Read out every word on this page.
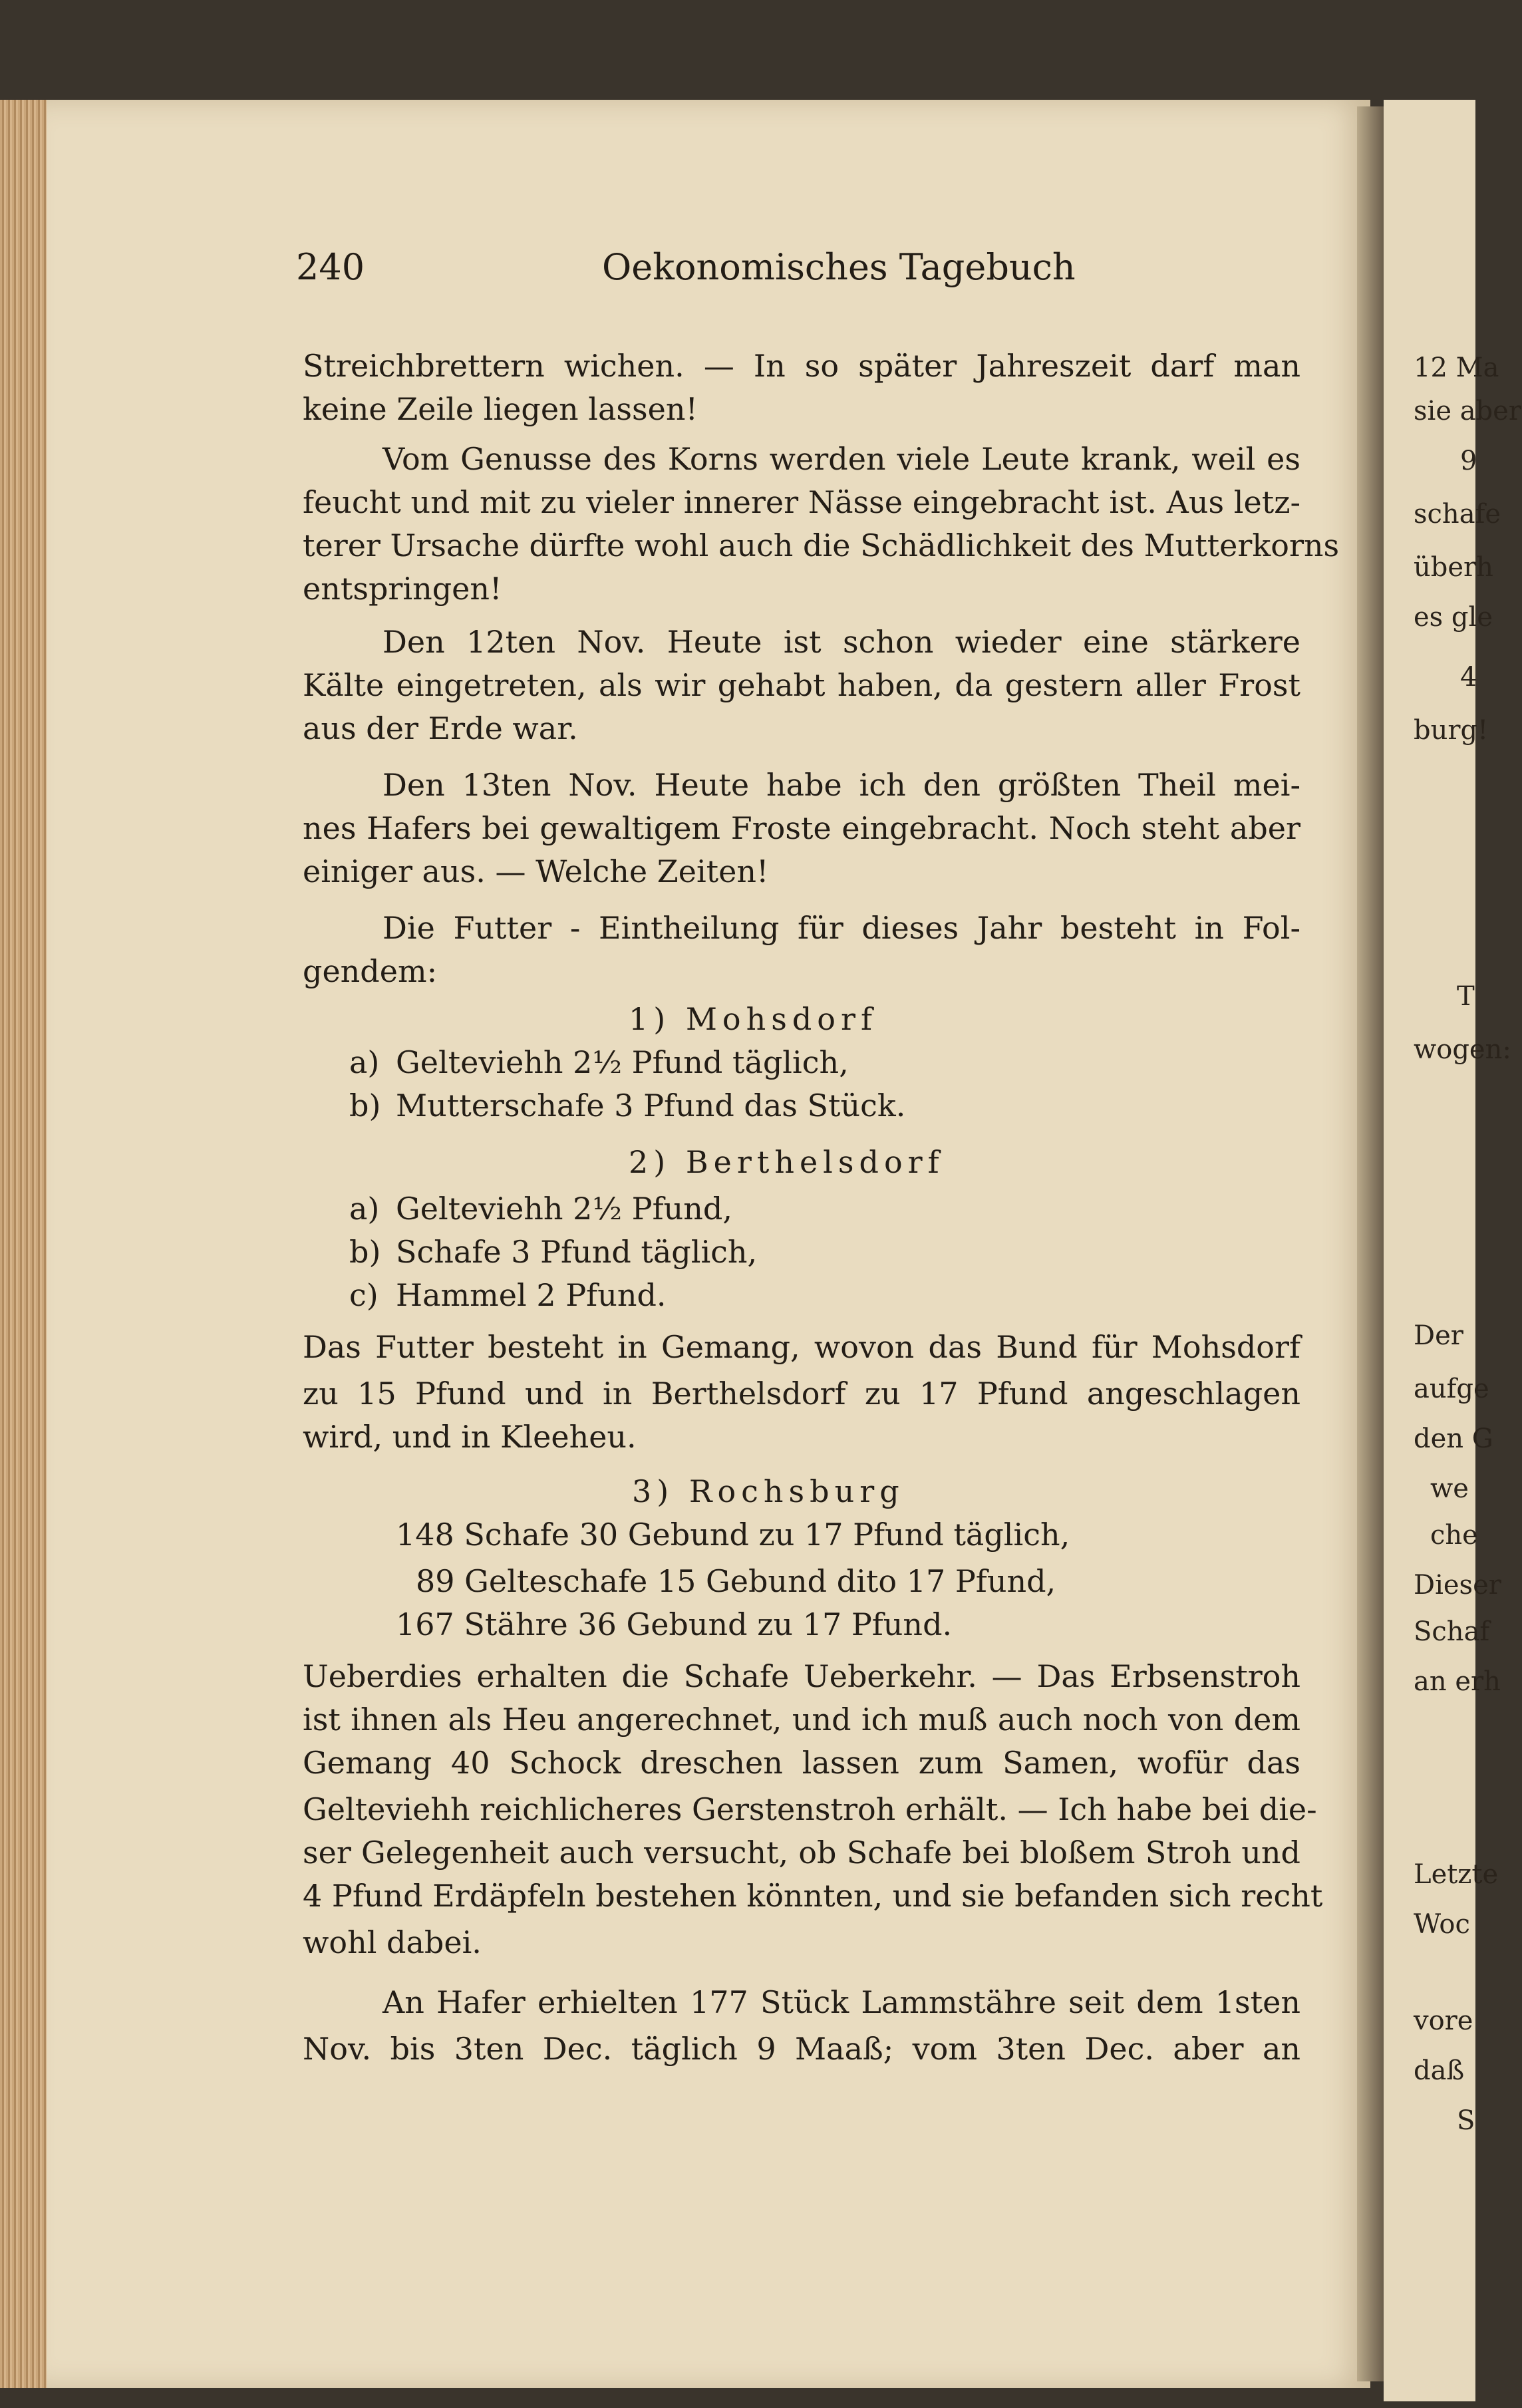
240	Oekonomisches Tagebuch
Streichbrettern wichen. — In so später Jahreszeit darf man
keine Zeile liegen lassen!
Vom Genusse des Korns werden viele Leute krank, weil es
feucht und mit zu vieler innerer Nässe eingebracht ist. Aus letz-
terer Ursache dürfte wohl auch die Schädlichkeit des Mutterkorns
entspringen!
Den 12ten Nov. Heute ist schon wieder eine stärkere
Kälte eingetreten, als wir gehabt haben, da gestern aller Frost
aus der Erde war.
Den 13ten Nov. Heute habe ich den größten Theil mei-
nes Hafers bei gewaltigem Froste eingebracht. Noch steht aber
einiger aus. — Welche Zeiten!
Die Futter - Eintheilung für dieses Jahr besteht in Fol-
gendem:
1) Mohsdorf
a) Gelteviehh 2½ Pfund täglich,
b) Mutterschafe 3 Pfund das Stück.
2) Berthelsdorf
a) Gelteviehh 2½ Pfund,
b) Schafe 3 Pfund täglich,
c) Hammel 2 Pfund.
Das Futter besteht in Gemang, wovon das Bund für Mohsdorf
zu 15 Pfund und in Berthelsdorf zu 17 Pfund angeschlagen
wird, und in Kleeheu.
3) Rochsburg
148 Schafe 30 Gebund zu 17 Pfund täglich,
89 Gelteschafe 15 Gebund dito 17 Pfund,
167 Stähre 36 Gebund zu 17 Pfund.
Ueberdies erhalten die Schafe Ueberkehr. — Das Erbsenstroh
ist ihnen als Heu angerechnet, und ich muß auch noch von dem
Gemang 40 Schock dreschen lassen zum Samen, wofür das
Gelteviehh reichlicheres Gerstenstroh erhält. — Ich habe bei die-
ser Gelegenheit auch versucht, ob Schafe bei bloßem Stroh und
4 Pfund Erdäpfeln bestehen könnten, und sie befanden sich recht
wohl dabei.
An Hafer erhielten 177 Stück Lammstähre seit dem 1sten
Nov. bis 3ten Dec. täglich 9 Maaß; vom 3ten Dec. aber an
12 Ma
sie aber
9
schafe
überh
es gle
4
burg!
T
wogen:
Der
aufge
den G
we
che
Dieser
Schaf
an erh
Letzte
Woc
vore
daß
S
